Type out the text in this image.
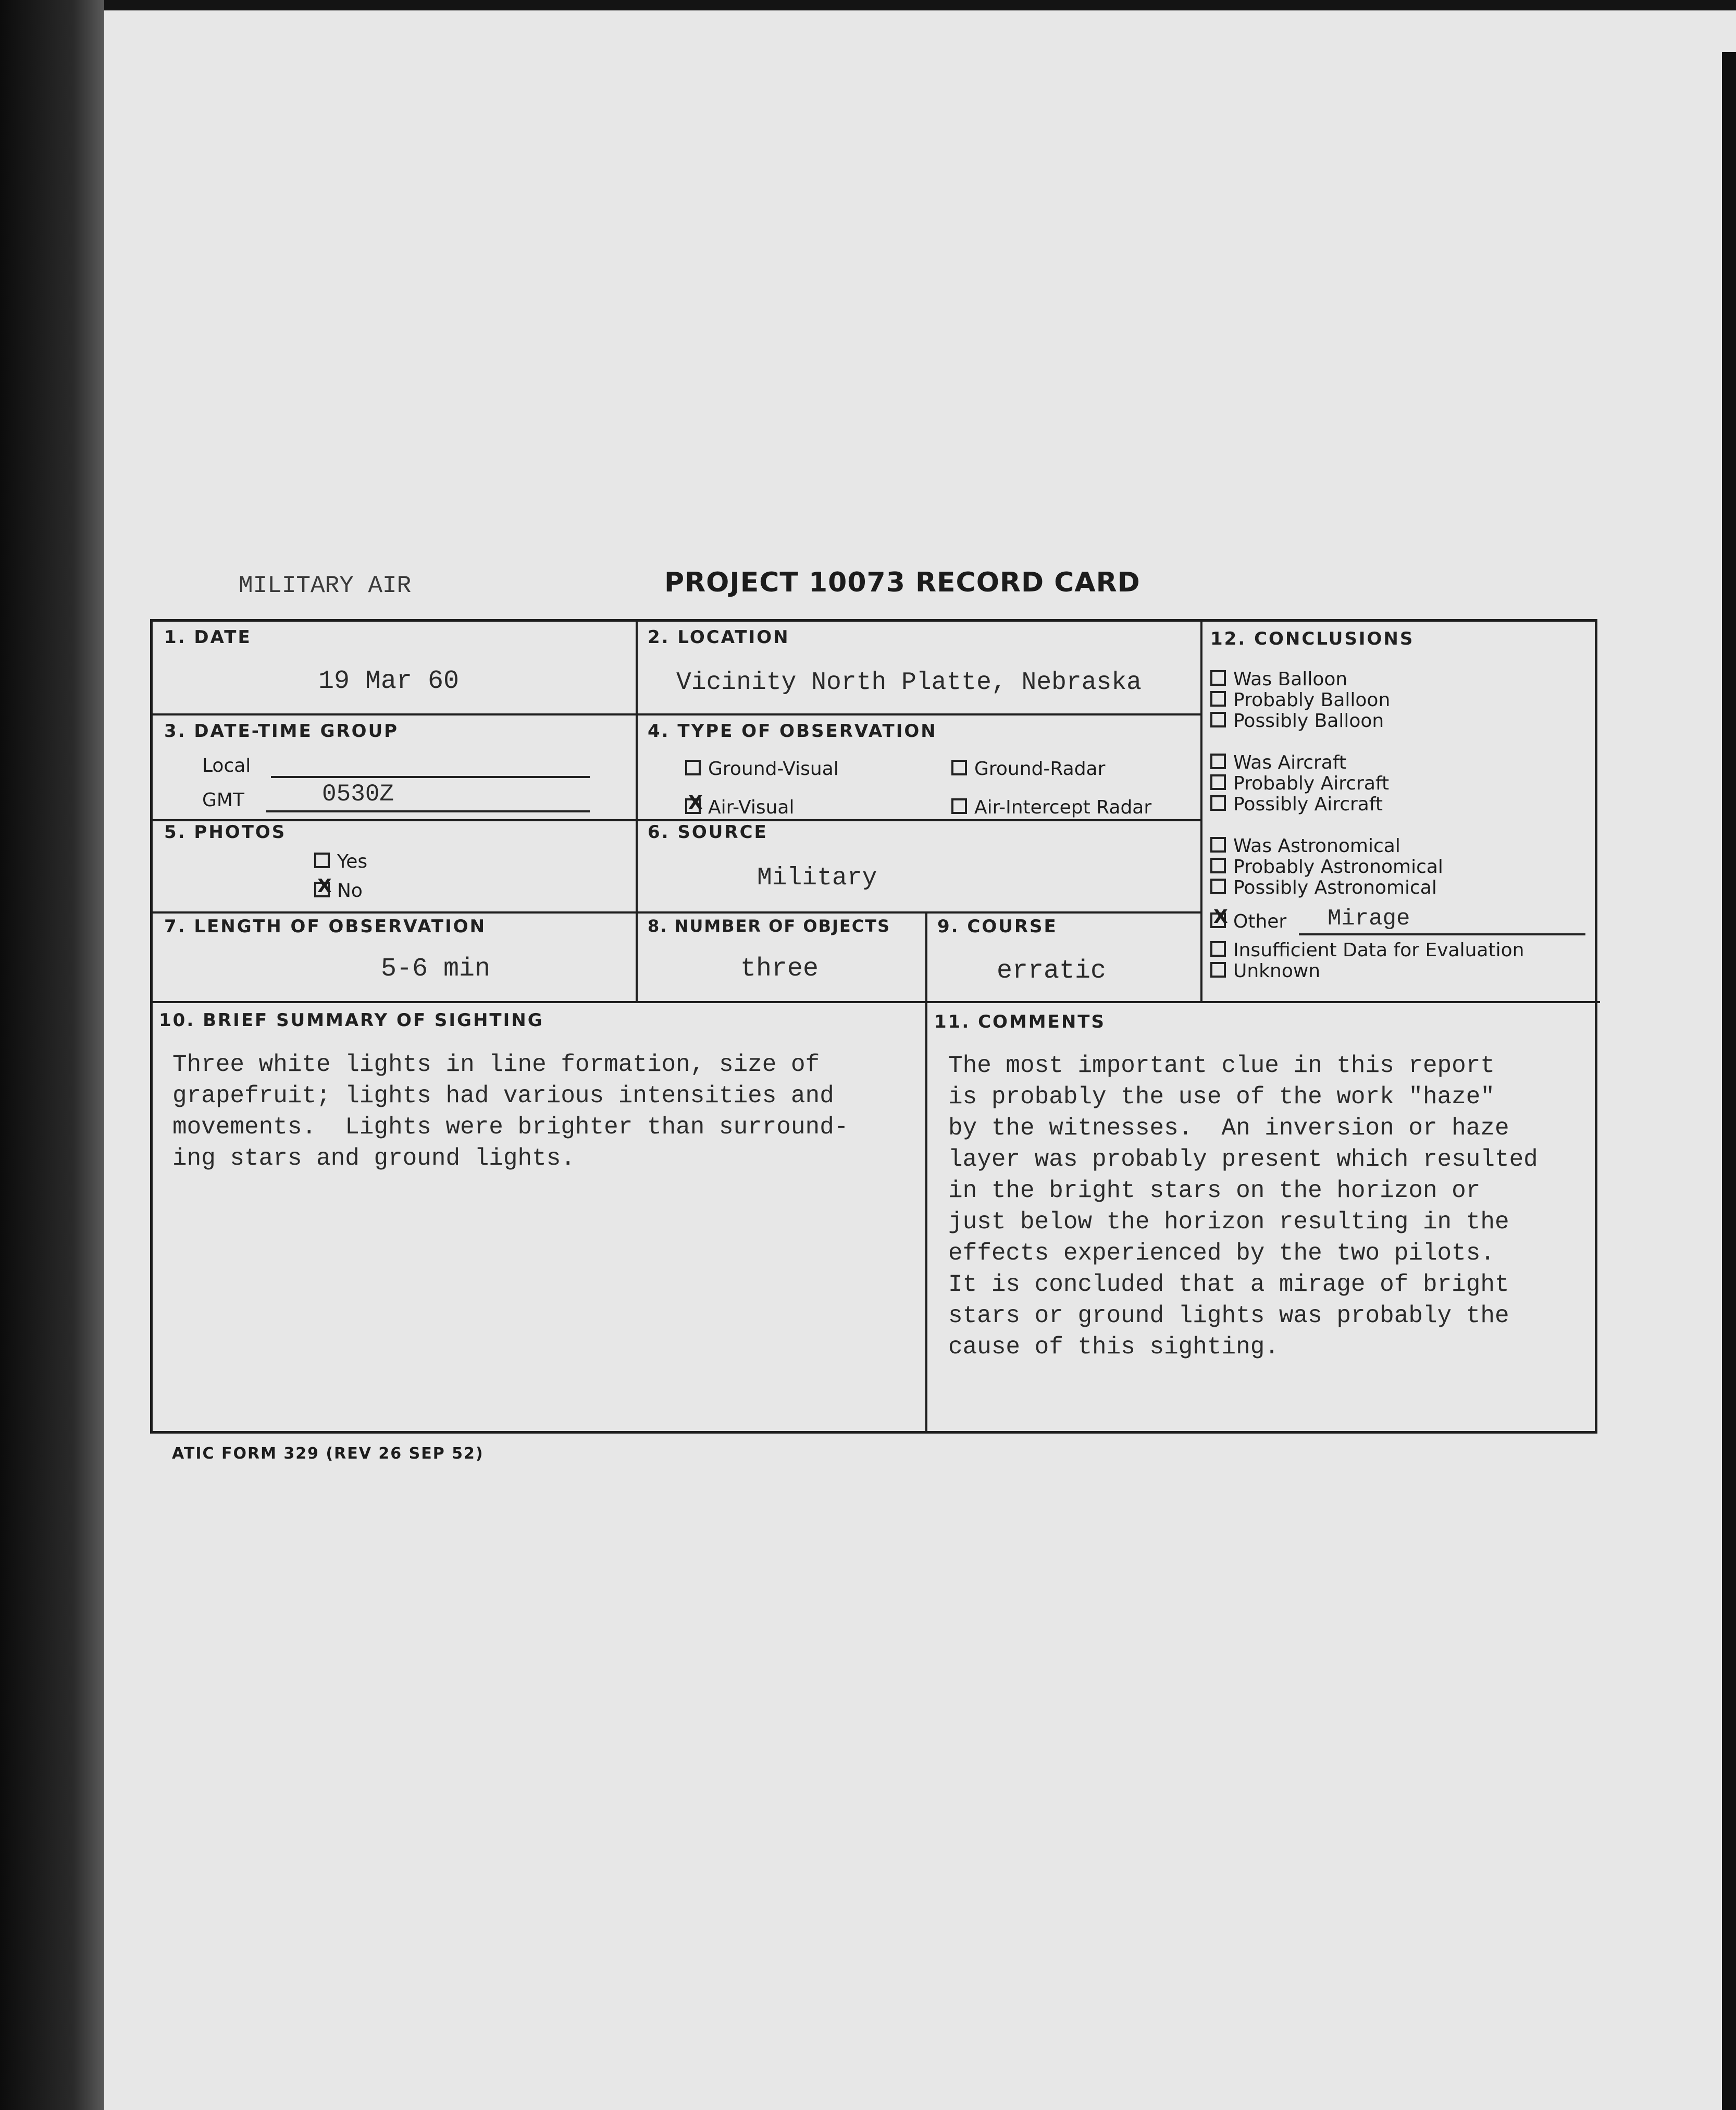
MILITARY AIR	PROJECT 10073 RECORD CARD
1. DATE
19 Mar 60
2. LOCATION
Vicinity North Platte, Nebraska
3. DATE-TIME GROUP
Local
GMT	0530Z
4. TYPE OF OBSERVATION
Ground-Visual	Ground-Radar
XAir-Visual	Air-Intercept Radar
5. PHOTOS
Yes
XNo
6. SOURCE
Military
7. LENGTH OF OBSERVATION
5-6 min
8. NUMBER OF OBJECTS
three
9. COURSE
erratic
12. CONCLUSIONS
Was Balloon
Probably Balloon
Possibly Balloon
Was Aircraft
Probably Aircraft
Possibly Aircraft
Was Astronomical
Probably Astronomical
Possibly Astronomical
XOther Mirage
Insufficient Data for Evaluation
Unknown
10. BRIEF SUMMARY OF SIGHTING
Three white lights in line formation, size of
grapefruit; lights had various intensities and
movements.  Lights were brighter than surround-
ing stars and ground lights.
11. COMMENTS
The most important clue in this report
is probably the use of the work "haze"
by the witnesses.  An inversion or haze
layer was probably present which resulted
in the bright stars on the horizon or
just below the horizon resulting in the
effects experienced by the two pilots.
It is concluded that a mirage of bright
stars or ground lights was probably the
cause of this sighting.
ATIC FORM 329 (REV 26 SEP 52)
